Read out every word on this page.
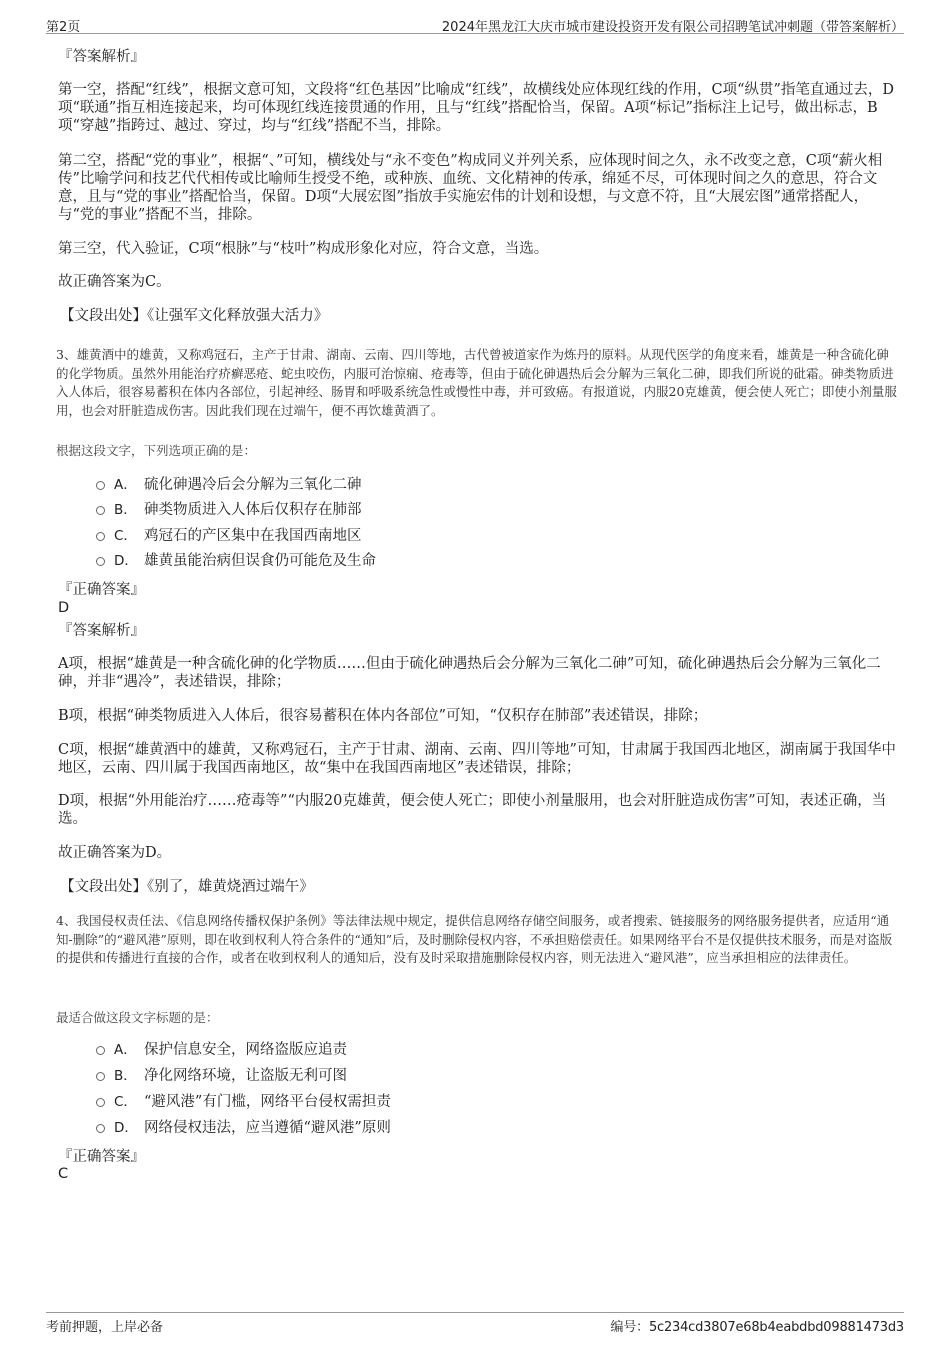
第2页	2024年黑龙江大庆市城市建设投资开发有限公司招聘笔试冲刺题（带答案解析）
『答案解析』
第一空，搭配“红线”，根据文意可知，文段将“红色基因”比喻成“红线”，故横线处应体现红线的作用，C项“纵贯”指笔直通过去，D项“联通”指互相连接起来，均可体现红线连接贯通的作用，且与“红线”搭配恰当，保留。A项“标记”指标注上记号，做出标志，B项“穿越”指跨过、越过、穿过，均与“红线”搭配不当，排除。
第二空，搭配“党的事业”，根据“、”可知，横线处与“永不变色”构成同义并列关系，应体现时间之久，永不改变之意，C项“薪火相传”比喻学问和技艺代代相传或比喻师生授受不绝，或种族、血统、文化精神的传承，绵延不尽，可体现时间之久的意思，符合文意，且与“党的事业”搭配恰当，保留。D项“大展宏图”指放手实施宏伟的计划和设想，与文意不符，且“大展宏图”通常搭配人，与“党的事业”搭配不当，排除。
第三空，代入验证，C项“根脉”与“枝叶”构成形象化对应，符合文意，当选。
故正确答案为C。
【文段出处】《让强军文化释放强大活力》
3、雄黄酒中的雄黄，又称鸡冠石，主产于甘肃、湖南、云南、四川等地，古代曾被道家作为炼丹的原料。从现代医学的角度来看，雄黄是一种含硫化砷的化学物质。虽然外用能治疗疥癣恶疮、蛇虫咬伤，内服可治惊痫、疮毒等，但由于硫化砷遇热后会分解为三氧化二砷，即我们所说的砒霜。砷类物质进入人体后，很容易蓄积在体内各部位，引起神经、肠胃和呼吸系统急性或慢性中毒，并可致癌。有报道说，内服20克雄黄，便会使人死亡；即使小剂量服用，也会对肝脏造成伤害。因此我们现在过端午，便不再饮雄黄酒了。
根据这段文字，下列选项正确的是：
A． 硫化砷遇冷后会分解为三氧化二砷
B． 砷类物质进入人体后仅积存在肺部
C． 鸡冠石的产区集中在我国西南地区
D． 雄黄虽能治病但误食仍可能危及生命
『正确答案』
D
『答案解析』
A项，根据“雄黄是一种含硫化砷的化学物质……但由于硫化砷遇热后会分解为三氧化二砷”可知，硫化砷遇热后会分解为三氧化二砷，并非“遇冷”，表述错误，排除；
B项，根据“砷类物质进入人体后，很容易蓄积在体内各部位”可知，“仅积存在肺部”表述错误，排除；
C项，根据“雄黄酒中的雄黄，又称鸡冠石，主产于甘肃、湖南、云南、四川等地”可知，甘肃属于我国西北地区，湖南属于我国华中地区，云南、四川属于我国西南地区，故“集中在我国西南地区”表述错误，排除；
D项，根据“外用能治疗……疮毒等”“内服20克雄黄，便会使人死亡；即使小剂量服用，也会对肝脏造成伤害”可知，表述正确，当选。
故正确答案为D。
【文段出处】《别了，雄黄烧酒过端午》
4、我国侵权责任法、《信息网络传播权保护条例》等法律法规中规定，提供信息网络存储空间服务，或者搜索、链接服务的网络服务提供者，应适用“通知-删除”的“避风港”原则，即在收到权利人符合条件的“通知”后，及时删除侵权内容，不承担赔偿责任。如果网络平台不是仅提供技术服务，而是对盗版的提供和传播进行直接的合作，或者在收到权利人的通知后，没有及时采取措施删除侵权内容，则无法进入“避风港”，应当承担相应的法律责任。
最适合做这段文字标题的是：
A． 保护信息安全，网络盗版应追责
B． 净化网络环境，让盗版无利可图
C． “避风港”有门槛，网络平台侵权需担责
D． 网络侵权违法，应当遵循“避风港”原则
『正确答案』
C
考前押题，上岸必备	编号：5c234cd3807e68b4eabdbd09881473d3
